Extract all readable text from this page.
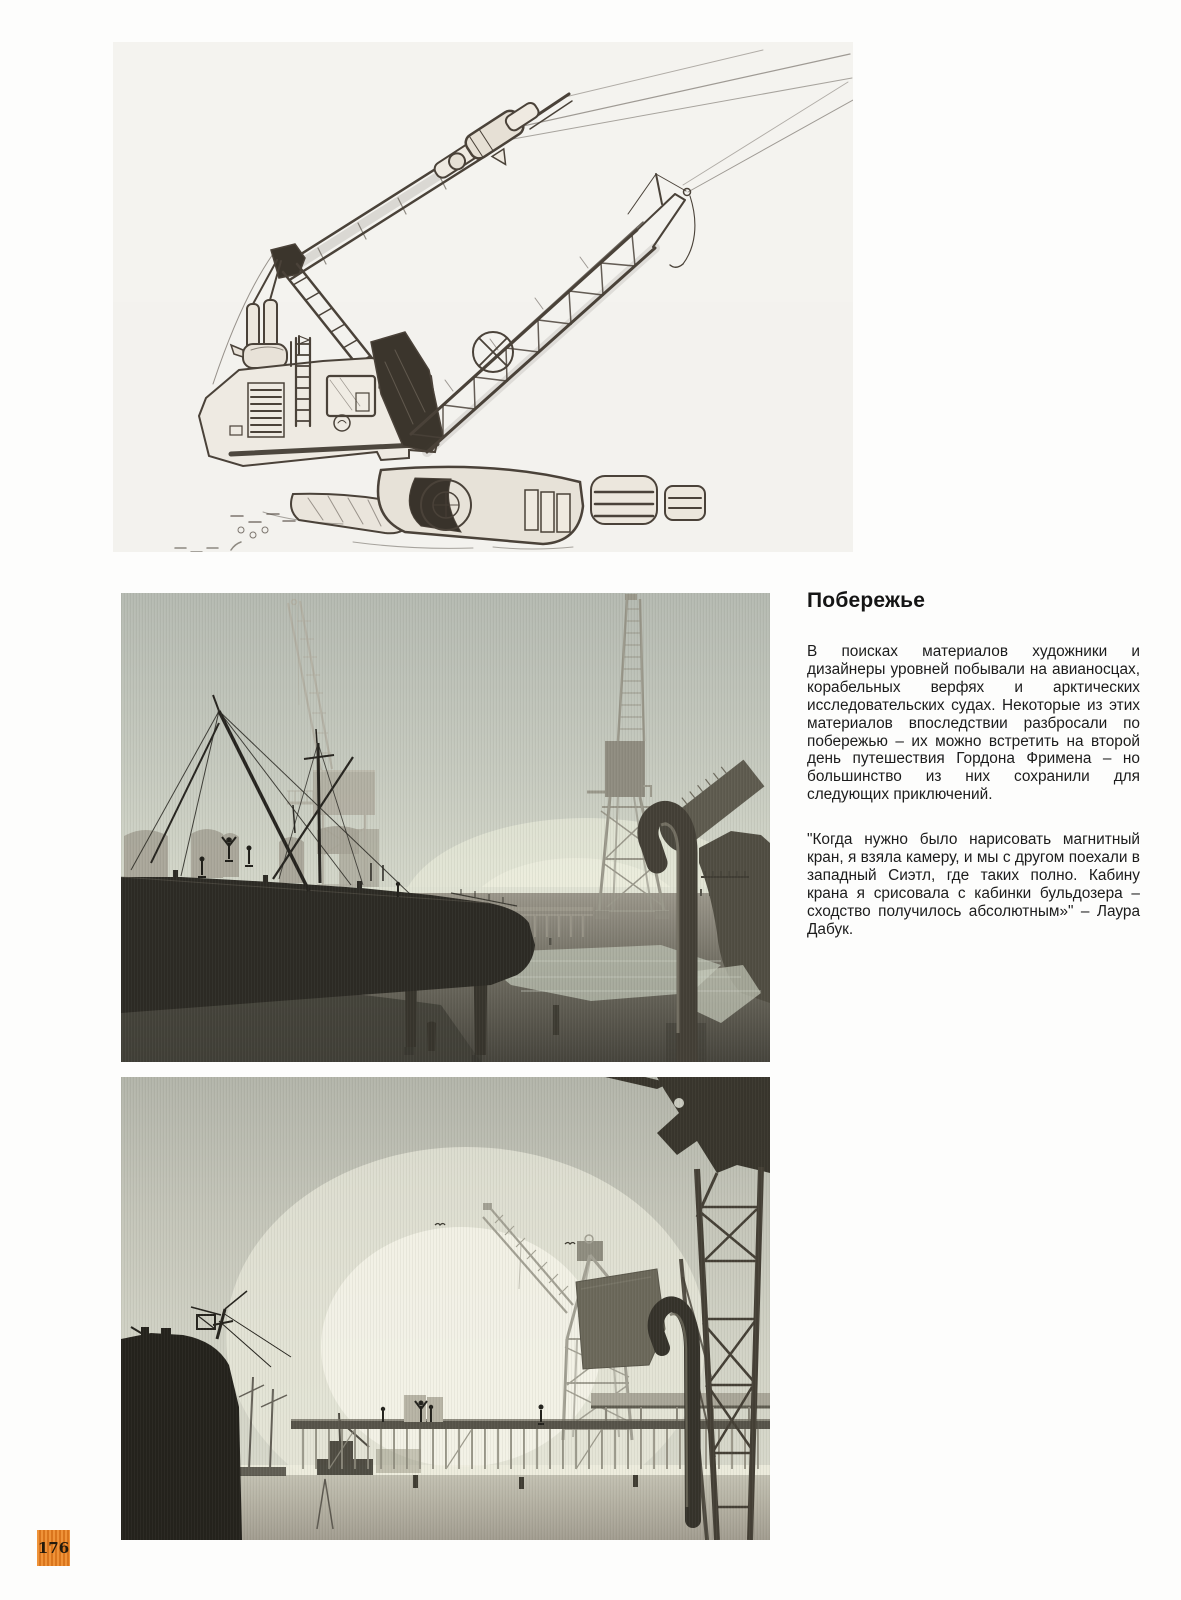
Побережье

В поисках материалов художники и дизайнеры уровней побывали на авианосцах, корабельных верфях и арктических исследовательских судах. Некоторые из этих материалов впоследствии разбросали по побережью – их можно встретить на второй день путешествия Гордона Фримена – но большинство из них сохранили для следующих приключений.

"Когда нужно было нарисовать магнитный кран, я взяла камеру, и мы с другом поехали в западный Сиэтл, где таких полно. Кабину крана я срисовала с кабинки бульдозера – сходство получилось абсолютным»" – Лаура Дабук.

176
